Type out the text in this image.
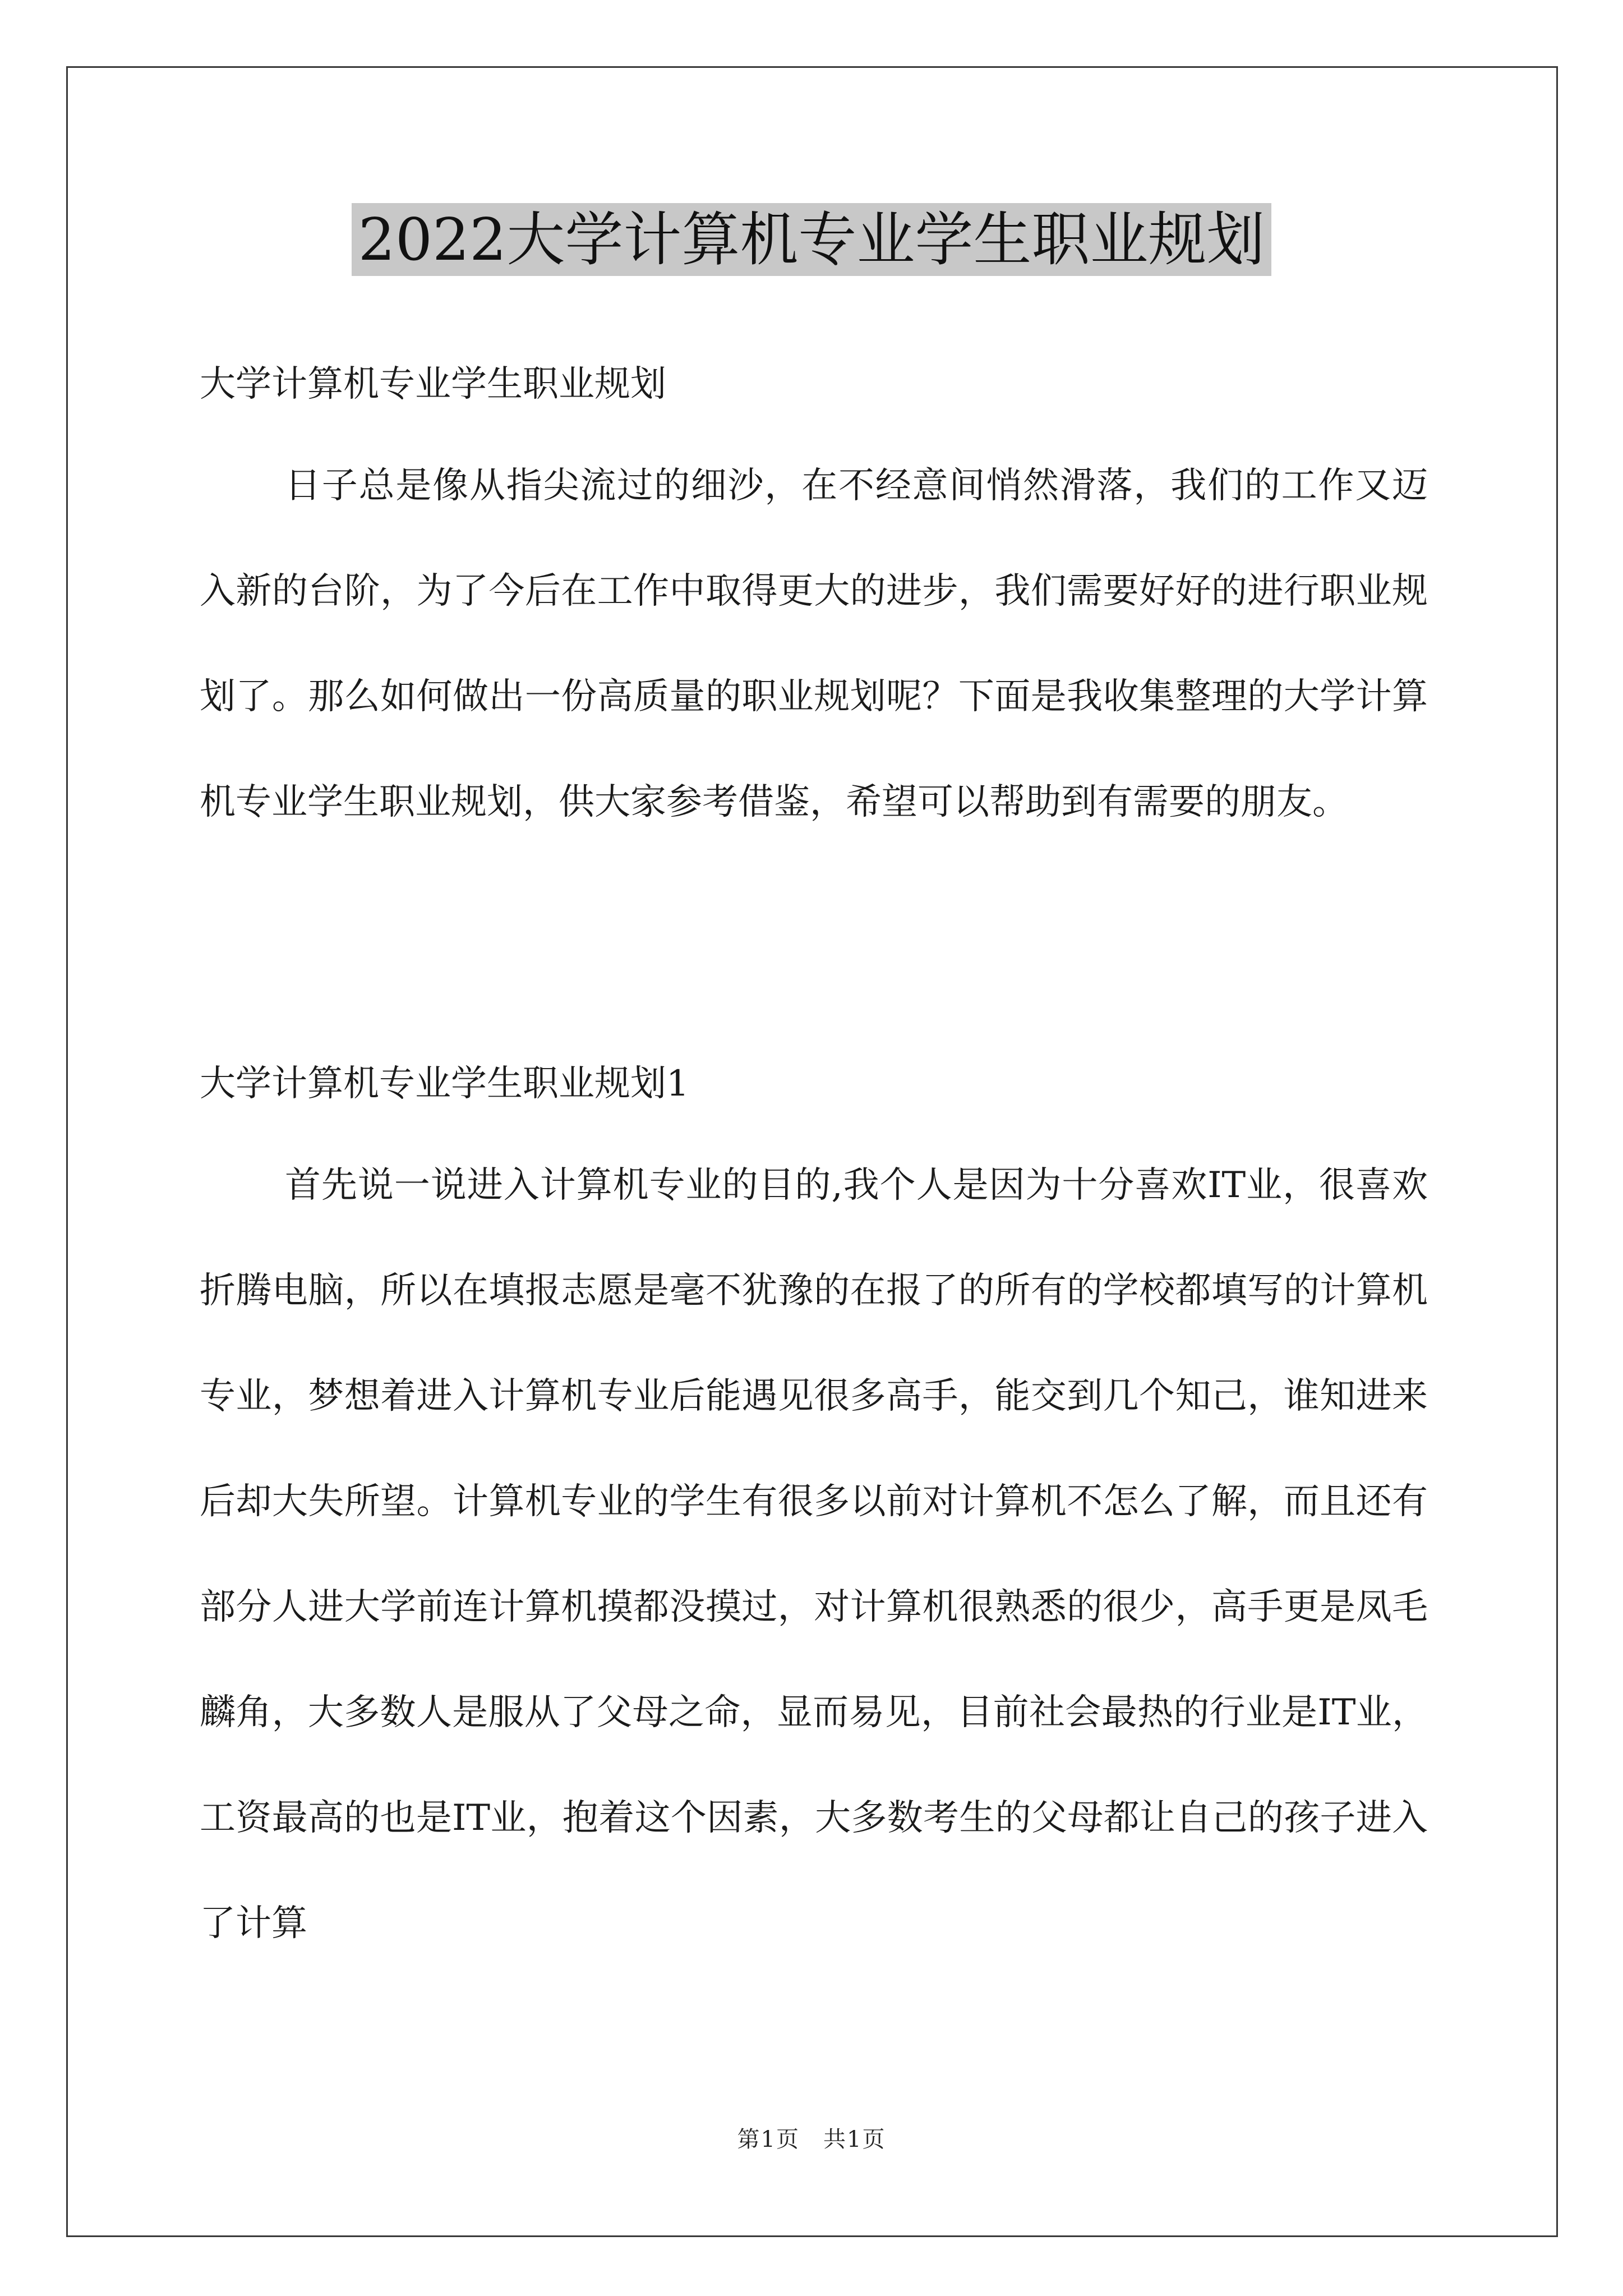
2022大学计算机专业学生职业规划
大学计算机专业学生职业规划

日子总是像从指尖流过的细沙，在不经意间悄然滑落，我们的工作又迈入新的台阶，为了今后在工作中取得更大的进步，我们需要好好的进行职业规划了。那么如何做出一份高质量的职业规划呢？下面是我收集整理的大学计算机专业学生职业规划，供大家参考借鉴，希望可以帮助到有需要的朋友。

大学计算机专业学生职业规划1

首先说一说进入计算机专业的目的,我个人是因为十分喜欢IT业，很喜欢折腾电脑，所以在填报志愿是毫不犹豫的在报了的所有的学校都填写的计算机专业，梦想着进入计算机专业后能遇见很多高手，能交到几个知己，谁知进来后却大失所望。计算机专业的学生有很多以前对计算机不怎么了解，而且还有部分人进大学前连计算机摸都没摸过，对计算机很熟悉的很少，高手更是凤毛麟角，大多数人是服从了父母之命，显而易见，目前社会最热的行业是IT业，工资最高的也是IT业，抱着这个因素，大多数考生的父母都让自己的孩子进入了计算

第1页　共1页
